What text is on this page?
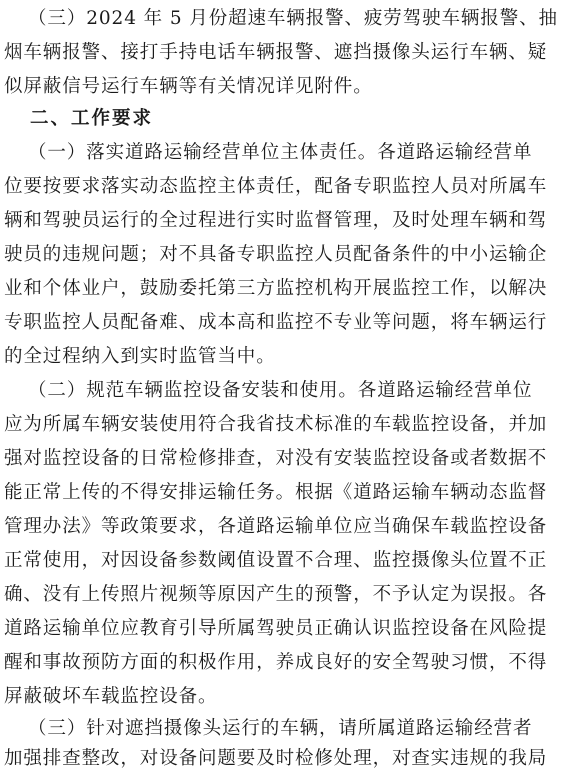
（三）2024 年 5 月份超速车辆报警、疲劳驾驶车辆报警、抽
烟车辆报警、接打手持电话车辆报警、遮挡摄像头运行车辆、疑
似屏蔽信号运行车辆等有关情况详见附件。
二、工作要求
（一）落实道路运输经营单位主体责任。各道路运输经营单
位要按要求落实动态监控主体责任，配备专职监控人员对所属车
辆和驾驶员运行的全过程进行实时监督管理，及时处理车辆和驾
驶员的违规问题；对不具备专职监控人员配备条件的中小运输企
业和个体业户，鼓励委托第三方监控机构开展监控工作，以解决
专职监控人员配备难、成本高和监控不专业等问题，将车辆运行
的全过程纳入到实时监管当中。
（二）规范车辆监控设备安装和使用。各道路运输经营单位
应为所属车辆安装使用符合我省技术标准的车载监控设备，并加
强对监控设备的日常检修排查，对没有安装监控设备或者数据不
能正常上传的不得安排运输任务。根据《道路运输车辆动态监督
管理办法》等政策要求，各道路运输单位应当确保车载监控设备
正常使用，对因设备参数阈值设置不合理、监控摄像头位置不正
确、没有上传照片视频等原因产生的预警，不予认定为误报。各
道路运输单位应教育引导所属驾驶员正确认识监控设备在风险提
醒和事故预防方面的积极作用，养成良好的安全驾驶习惯，不得
屏蔽破坏车载监控设备。
（三）针对遮挡摄像头运行的车辆，请所属道路运输经营者
加强排查整改，对设备问题要及时检修处理，对查实违规的我局
